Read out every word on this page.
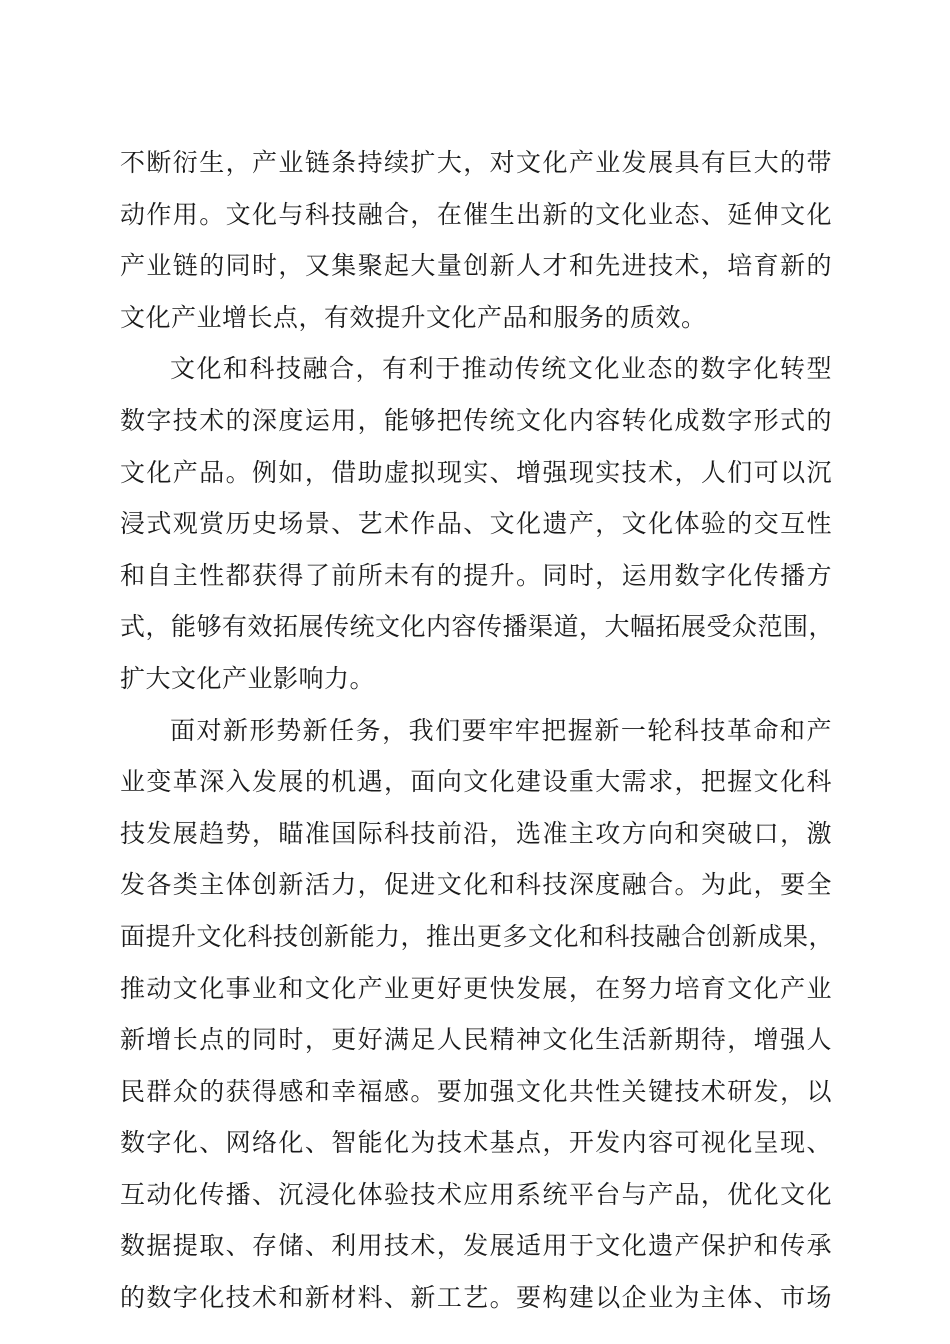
不断衍生，产业链条持续扩大，对文化产业发展具有巨大的带
动作用。文化与科技融合，在催生出新的文化业态、延伸文化
产业链的同时，又集聚起大量创新人才和先进技术，培育新的
文化产业增长点，有效提升文化产品和服务的质效。
文化和科技融合，有利于推动传统文化业态的数字化转型
数字技术的深度运用，能够把传统文化内容转化成数字形式的
文化产品。例如，借助虚拟现实、增强现实技术，人们可以沉
浸式观赏历史场景、艺术作品、文化遗产，文化体验的交互性
和自主性都获得了前所未有的提升。同时，运用数字化传播方
式，能够有效拓展传统文化内容传播渠道，大幅拓展受众范围，
扩大文化产业影响力。
面对新形势新任务，我们要牢牢把握新一轮科技革命和产
业变革深入发展的机遇，面向文化建设重大需求，把握文化科
技发展趋势，瞄准国际科技前沿，选准主攻方向和突破口，激
发各类主体创新活力，促进文化和科技深度融合。为此，要全
面提升文化科技创新能力，推出更多文化和科技融合创新成果，
推动文化事业和文化产业更好更快发展，在努力培育文化产业
新增长点的同时，更好满足人民精神文化生活新期待，增强人
民群众的获得感和幸福感。要加强文化共性关键技术研发，以
数字化、网络化、智能化为技术基点，开发内容可视化呈现、
互动化传播、沉浸化体验技术应用系统平台与产品，优化文化
数据提取、存储、利用技术，发展适用于文化遗产保护和传承
的数字化技术和新材料、新工艺。要构建以企业为主体、市场
